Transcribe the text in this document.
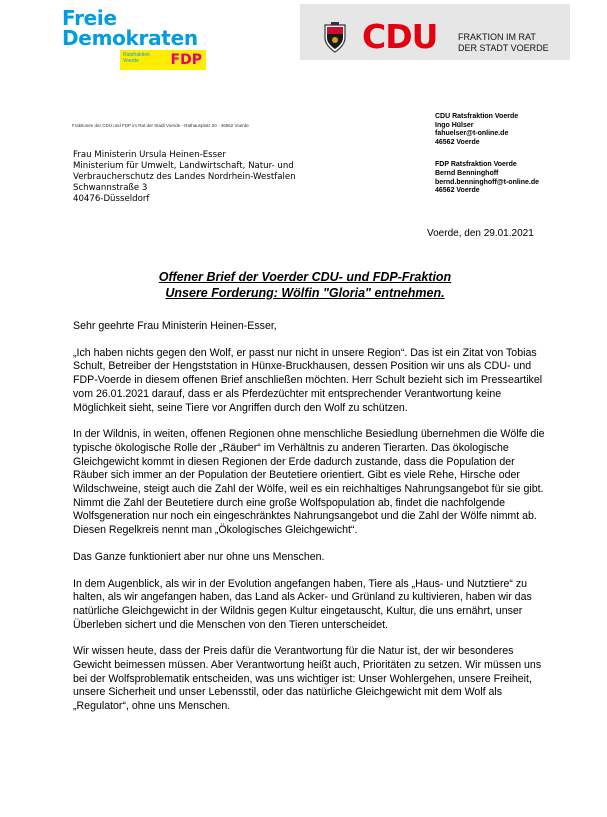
Freie
Demokraten
Ratsfraktion
Voerde	FDP
CDU FRAKTION IM RAT
DER STADT VOERDE
Fraktionen der CDU und FDP im Rat der Stadt Voerde - Rathausplatz 20 - 46562 Voerde
Frau Ministerin Ursula Heinen-Esser
Ministerium für Umwelt, Landwirtschaft, Natur- und
Verbraucherschutz des Landes Nordrhein-Westfalen
Schwannstraße 3
40476-Düsseldorf
CDU Ratsfraktion Voerde
Ingo Hülser
fahuelser@t-online.de
46562 Voerde
FDP Ratsfraktion Voerde
Bernd Benninghoff
bernd.benninghoff@t-online.de
46562 Voerde
Voerde, den 29.01.2021
Offener Brief der Voerder CDU- und FDP-Fraktion
Unsere Forderung: Wölfin "Gloria" entnehmen.

Sehr geehrte Frau Ministerin Heinen-Esser,

„Ich haben nichts gegen den Wolf, er passt nur nicht in unsere Region“. Das ist ein Zitat von Tobias Schult, Betreiber der Hengststation in Hünxe-Bruckhausen, dessen Position wir uns als CDU- und FDP-Voerde in diesem offenen Brief anschließen möchten. Herr Schult bezieht sich im Presseartikel vom 26.01.2021 darauf, dass er als Pferdezüchter mit entsprechender Verantwortung keine Möglichkeit sieht, seine Tiere vor Angriffen durch den Wolf zu schützen.

In der Wildnis, in weiten, offenen Regionen ohne menschliche Besiedlung übernehmen die Wölfe die typische ökologische Rolle der „Räuber“ im Verhältnis zu anderen Tierarten. Das ökologische Gleichgewicht kommt in diesen Regionen der Erde dadurch zustande, dass die Population der Räuber sich immer an der Population der Beutetiere orientiert. Gibt es viele Rehe, Hirsche oder Wildschweine, steigt auch die Zahl der Wölfe, weil es ein reichhaltiges Nahrungsangebot für sie gibt. Nimmt die Zahl der Beutetiere durch eine große Wolfspopulation ab, findet die nachfolgende Wolfsgeneration nur noch ein eingeschränktes Nahrungsangebot und die Zahl der Wölfe nimmt ab. Diesen Regelkreis nennt man „Ökologisches Gleichgewicht“.

Das Ganze funktioniert aber nur ohne uns Menschen.

In dem Augenblick, als wir in der Evolution angefangen haben, Tiere als „Haus- und Nutztiere“ zu halten, als wir angefangen haben, das Land als Acker- und Grünland zu kultivieren, haben wir das natürliche Gleichgewicht in der Wildnis gegen Kultur eingetauscht, Kultur, die uns ernährt, unser Überleben sichert und die Menschen von den Tieren unterscheidet.

Wir wissen heute, dass der Preis dafür die Verantwortung für die Natur ist, der wir besonderes Gewicht beimessen müssen. Aber Verantwortung heißt auch, Prioritäten zu setzen. Wir müssen uns bei der Wolfsproblematik entscheiden, was uns wichtiger ist: Unser Wohlergehen, unsere Freiheit, unsere Sicherheit und unser Lebensstil, oder das natürliche Gleichgewicht mit dem Wolf als „Regulator“, ohne uns Menschen.
